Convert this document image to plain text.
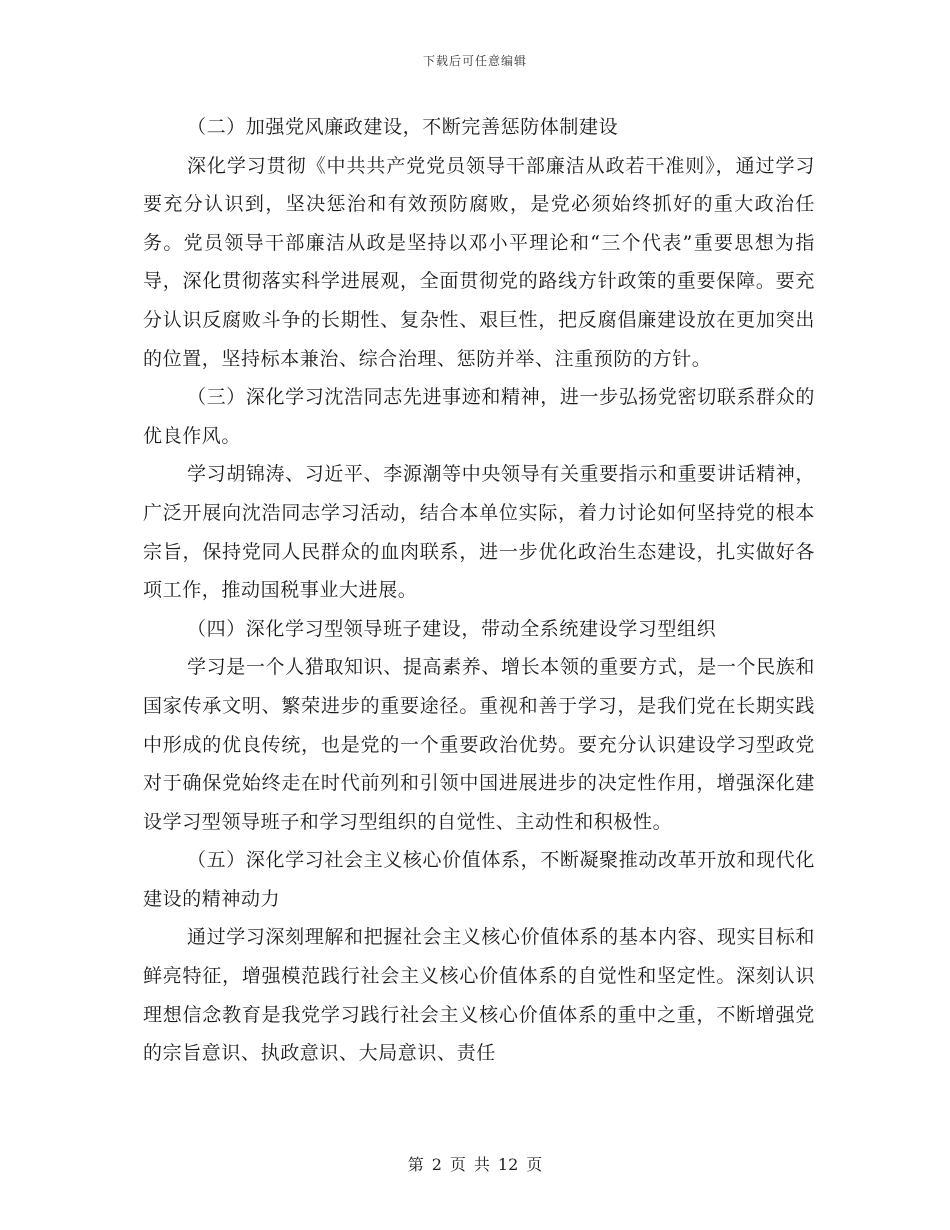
下载后可任意编辑

（二）加强党风廉政建设，不断完善惩防体制建设

深化学习贯彻《中共共产党党员领导干部廉洁从政若干准则》，通过学习要充分认识到，坚决惩治和有效预防腐败，是党必须始终抓好的重大政治任务。党员领导干部廉洁从政是坚持以邓小平理论和“三个代表”重要思想为指导，深化贯彻落实科学进展观，全面贯彻党的路线方针政策的重要保障。要充分认识反腐败斗争的长期性、复杂性、艰巨性，把反腐倡廉建设放在更加突出的位置，坚持标本兼治、综合治理、惩防并举、注重预防的方针。

（三）深化学习沈浩同志先进事迹和精神，进一步弘扬党密切联系群众的优良作风。

学习胡锦涛、习近平、李源潮等中央领导有关重要指示和重要讲话精神，广泛开展向沈浩同志学习活动，结合本单位实际，着力讨论如何坚持党的根本宗旨，保持党同人民群众的血肉联系，进一步优化政治生态建设，扎实做好各项工作，推动国税事业大进展。

（四）深化学习型领导班子建设，带动全系统建设学习型组织

学习是一个人猎取知识、提高素养、增长本领的重要方式，是一个民族和国家传承文明、繁荣进步的重要途径。重视和善于学习，是我们党在长期实践中形成的优良传统，也是党的一个重要政治优势。要充分认识建设学习型政党对于确保党始终走在时代前列和引领中国进展进步的决定性作用，增强深化建设学习型领导班子和学习型组织的自觉性、主动性和积极性。

（五）深化学习社会主义核心价值体系，不断凝聚推动改革开放和现代化建设的精神动力

通过学习深刻理解和把握社会主义核心价值体系的基本内容、现实目标和鲜亮特征，增强模范践行社会主义核心价值体系的自觉性和坚定性。深刻认识理想信念教育是我党学习践行社会主义核心价值体系的重中之重，不断增强党的宗旨意识、执政意识、大局意识、责任

第 2 页 共 12 页
